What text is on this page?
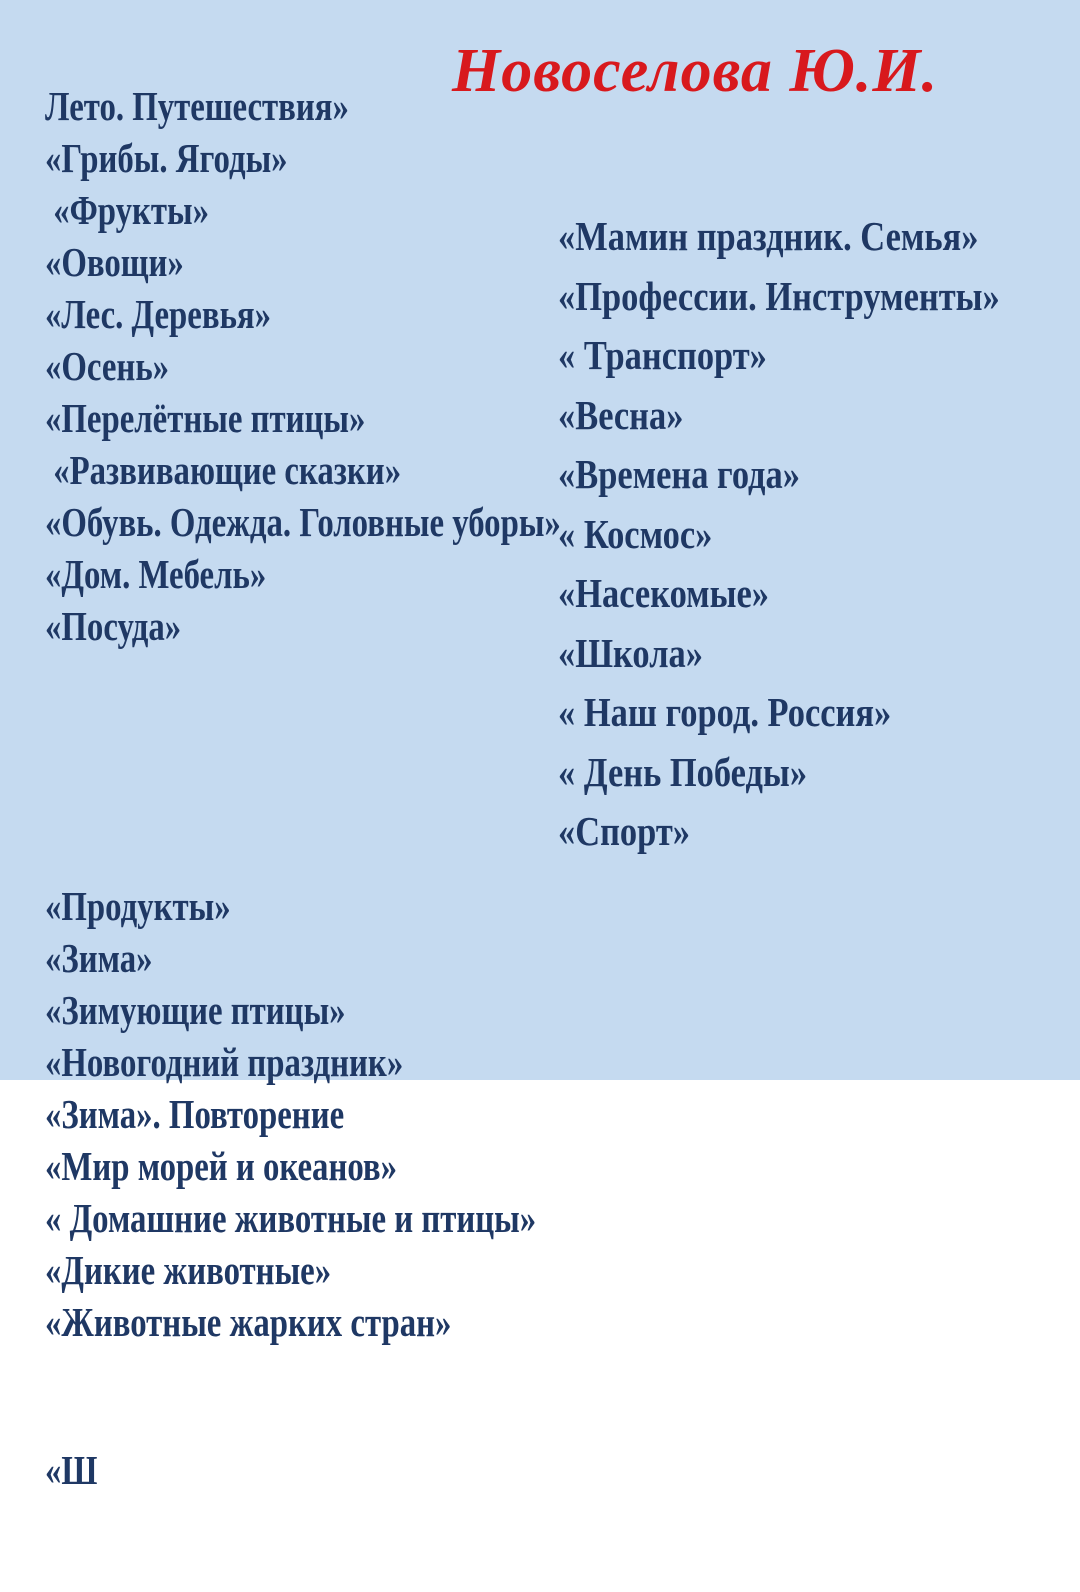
Новоселова Ю.И.

Лето. Путешествия»
«Грибы. Ягоды»
«Фрукты»
«Овощи»
«Лес. Деревья»
«Осень»
«Перелётные птицы»
«Развивающие сказки»
«Обувь. Одежда. Головные уборы»
«Дом. Мебель»
«Посуда»

«Продукты»
«Зима»
«Зимующие птицы»
«Новогодний праздник»
«Зима». Повторение
«Мир морей и океанов»
« Домашние животные и птицы»
«Дикие животные»
«Животные жарких стран»

«Ш

«Мамин праздник. Семья»
«Профессии. Инструменты»
« Транспорт»
«Весна»
«Времена года»
« Космос»
«Насекомые»
«Школа»
« Наш город. Россия»
« День Победы»
«Спорт»
